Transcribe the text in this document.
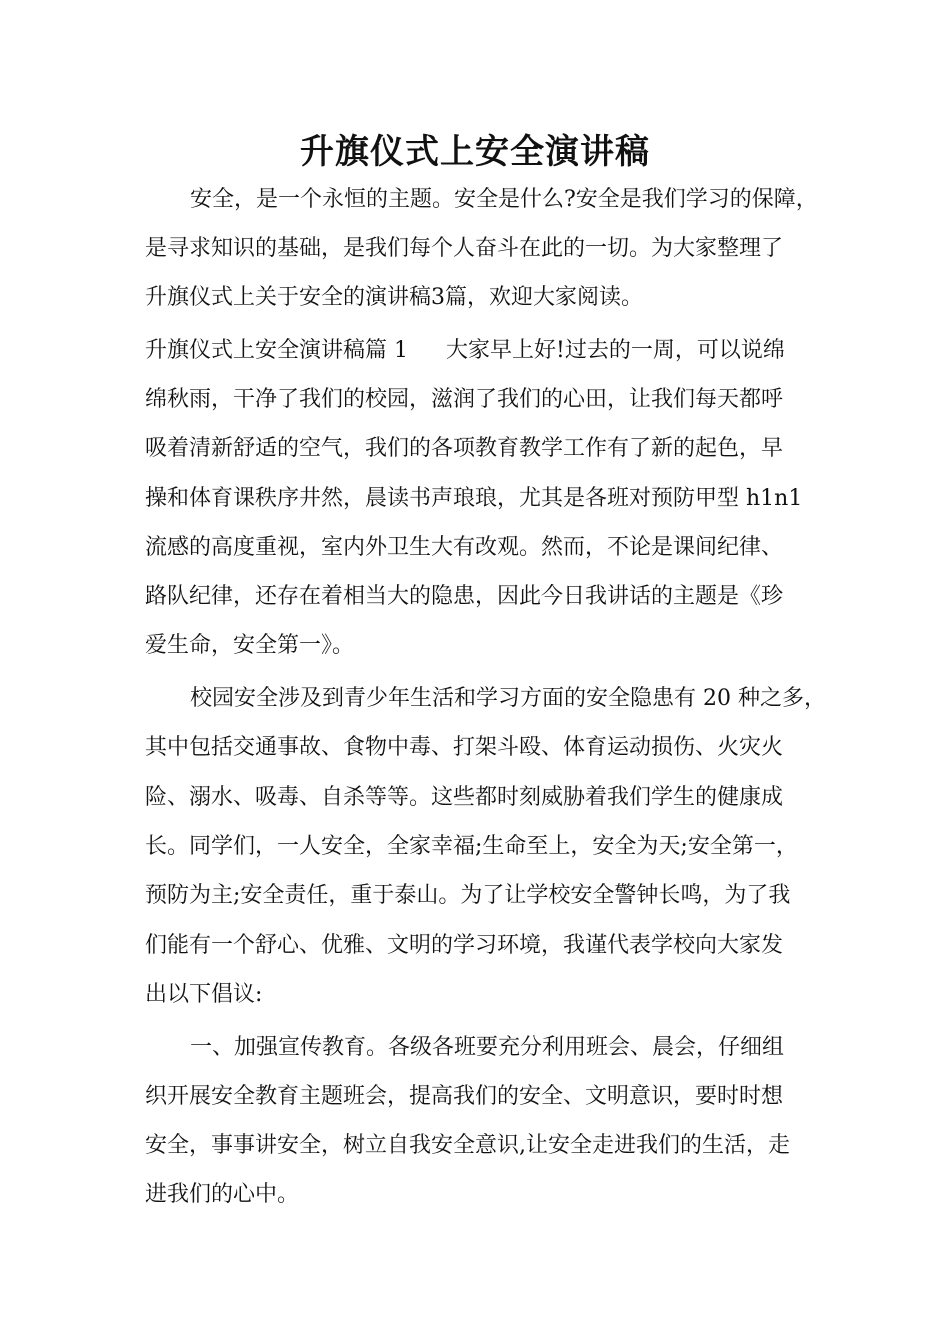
升旗仪式上安全演讲稿

安全，是一个永恒的主题。安全是什么?安全是我们学习的保障，

是寻求知识的基础，是我们每个人奋斗在此的一切。为大家整理了

升旗仪式上关于安全的演讲稿3篇，欢迎大家阅读。

升旗仪式上安全演讲稿篇 1 大家早上好!过去的一周，可以说绵

绵秋雨，干净了我们的校园，滋润了我们的心田，让我们每天都呼

吸着清新舒适的空气，我们的各项教育教学工作有了新的起色，早

操和体育课秩序井然，晨读书声琅琅，尤其是各班对预防甲型 h1n1

流感的高度重视，室内外卫生大有改观。然而，不论是课间纪律、

路队纪律，还存在着相当大的隐患，因此今日我讲话的主题是《珍

爱生命，安全第一》。

校园安全涉及到青少年生活和学习方面的安全隐患有 20 种之多，

其中包括交通事故、食物中毒、打架斗殴、体育运动损伤、火灾火

险、溺水、吸毒、自杀等等。这些都时刻威胁着我们学生的健康成

长。同学们，一人安全，全家幸福;生命至上，安全为天;安全第一，

预防为主;安全责任，重于泰山。为了让学校安全警钟长鸣，为了我

们能有一个舒心、优雅、文明的学习环境，我谨代表学校向大家发

出以下倡议:

一、加强宣传教育。各级各班要充分利用班会、晨会，仔细组

织开展安全教育主题班会，提高我们的安全、文明意识，要时时想

安全，事事讲安全，树立自我安全意识,让安全走进我们的生活，走

进我们的心中。
